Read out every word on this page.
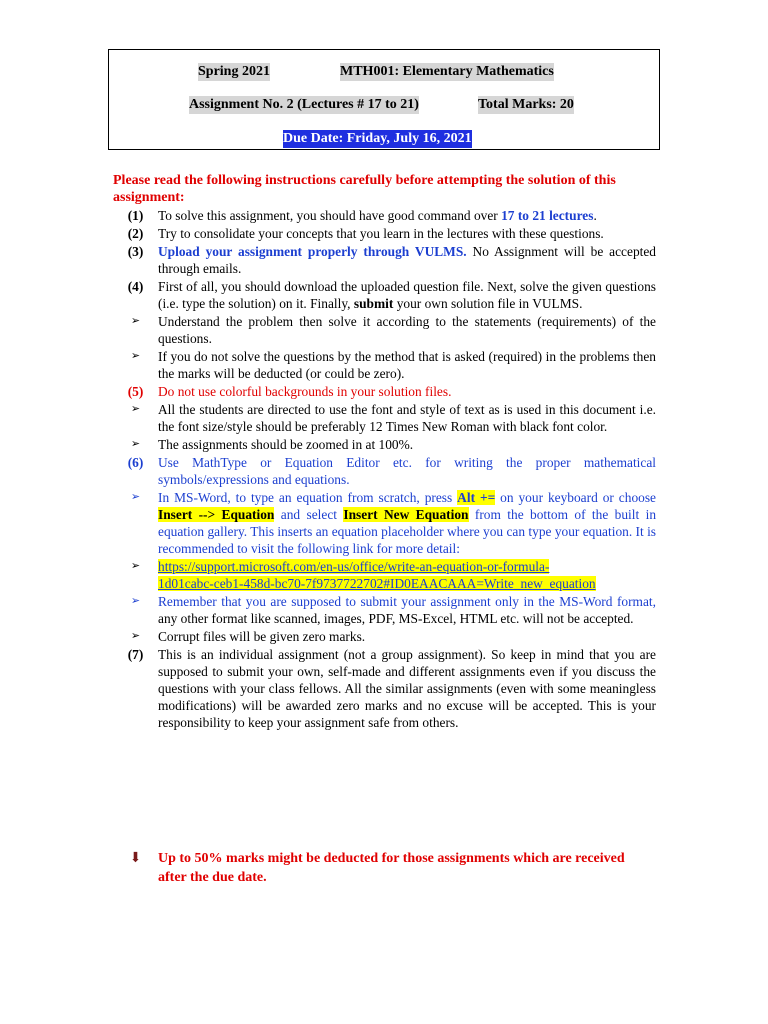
Spring 2021	MTH001: Elementary Mathematics
Assignment No. 2 (Lectures # 17 to 21)	Total Marks: 20
Due Date: Friday, July 16, 2021
Please read the following instructions carefully before attempting the solution of this assignment:
(1)	To solve this assignment, you should have good command over 17 to 21 lectures.
(2)	Try to consolidate your concepts that you learn in the lectures with these questions.
(3)	Upload your assignment properly through VULMS. No Assignment will be accepted through emails.
(4)	First of all, you should download the uploaded question file. Next, solve the given questions (i.e. type the solution) on it. Finally, submit your own solution file in VULMS.
➢	Understand the problem then solve it according to the statements (requirements) of the questions.
➢	If you do not solve the questions by the method that is asked (required) in the problems then the marks will be deducted (or could be zero).
(5)	Do not use colorful backgrounds in your solution files.
➢	All the students are directed to use the font and style of text as is used in this document i.e. the font size/style should be preferably 12 Times New Roman with black font color.
➢	The assignments should be zoomed in at 100%.
(6)	Use MathType or Equation Editor etc. for writing the proper mathematical symbols/expressions and equations.
➢	In MS-Word, to type an equation from scratch, press Alt += on your keyboard or choose Insert --> Equation and select Insert New Equation from the bottom of the built in equation gallery. This inserts an equation placeholder where you can type your equation. It is recommended to visit the following link for more detail:
➢	https://support.microsoft.com/en-us/office/write-an-equation-or-formula-
1d01cabc-ceb1-458d-bc70-7f9737722702#ID0EAACAAA=Write_new_equation
➢	Remember that you are supposed to submit your assignment only in the MS-Word format, any other format like scanned, images, PDF, MS-Excel, HTML etc. will not be accepted.
➢	Corrupt files will be given zero marks.
(7)	This is an individual assignment (not a group assignment). So keep in mind that you are supposed to submit your own, self-made and different assignments even if you discuss the questions with your class fellows. All the similar assignments (even with some meaningless modifications) will be awarded zero marks and no excuse will be accepted. This is your responsibility to keep your assignment safe from others.
⬇	Up to 50% marks might be deducted for those assignments which are received after the due date.
